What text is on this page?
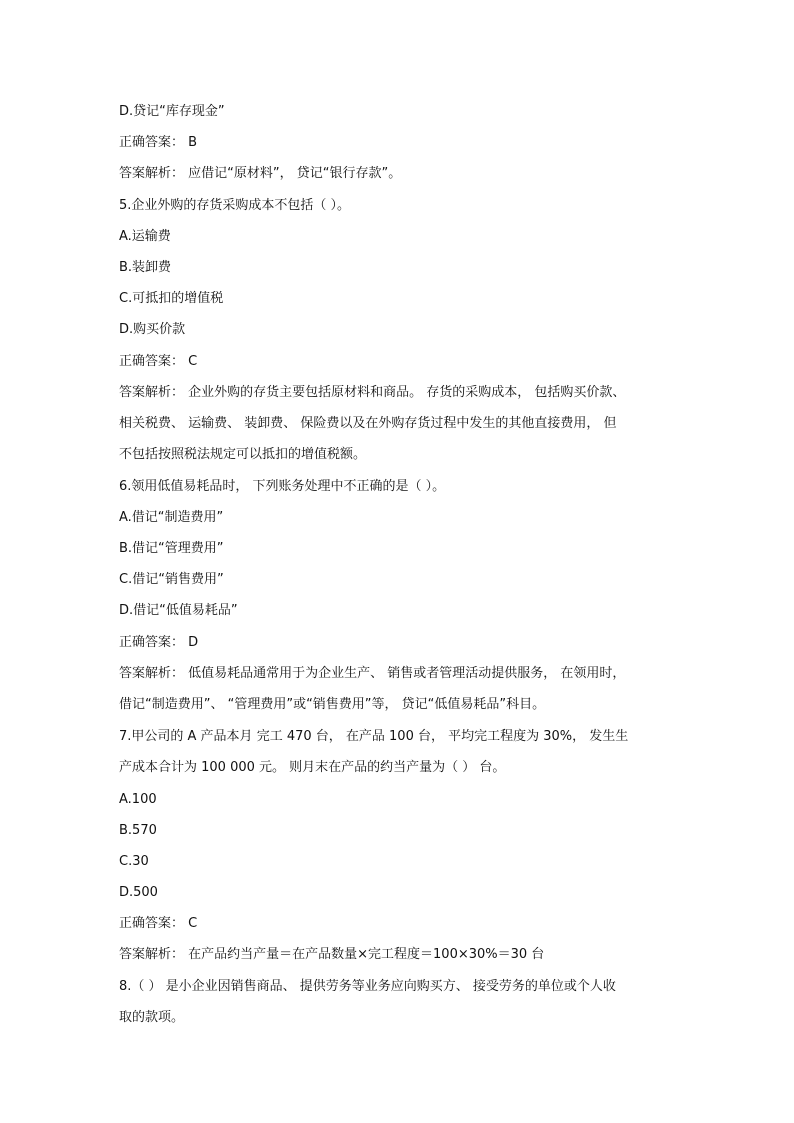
D.贷记“库存现金”
正确答案： B
答案解析： 应借记“原材料”， 贷记“银行存款”。
5.企业外购的存货采购成本不包括（ ）。
A.运输费
B.装卸费
C.可抵扣的增值税
D.购买价款
正确答案： C
答案解析： 企业外购的存货主要包括原材料和商品。 存货的采购成本， 包括购买价款、
相关税费、 运输费、 装卸费、 保险费以及在外购存货过程中发生的其他直接费用， 但
不包括按照税法规定可以抵扣的增值税额。
6.领用低值易耗品时， 下列账务处理中不正确的是（ ）。
A.借记“制造费用”
B.借记“管理费用”
C.借记“销售费用”
D.借记“低值易耗品”
正确答案： D
答案解析： 低值易耗品通常用于为企业生产、 销售或者管理活动提供服务， 在领用时，
借记“制造费用”、 “管理费用”或“销售费用”等， 贷记“低值易耗品”科目。
7.甲公司的 A 产品本月 完工 470 台， 在产品 100 台， 平均完工程度为 30%， 发生生
产成本合计为 100 000 元。 则月末在产品的约当产量为（ ） 台。
A.100
B.570
C.30
D.500
正确答案： C
答案解析： 在产品约当产量＝在产品数量×完工程度＝100×30%＝30 台
8.（ ） 是小企业因销售商品、 提供劳务等业务应向购买方、 接受劳务的单位或个人收
取的款项。
